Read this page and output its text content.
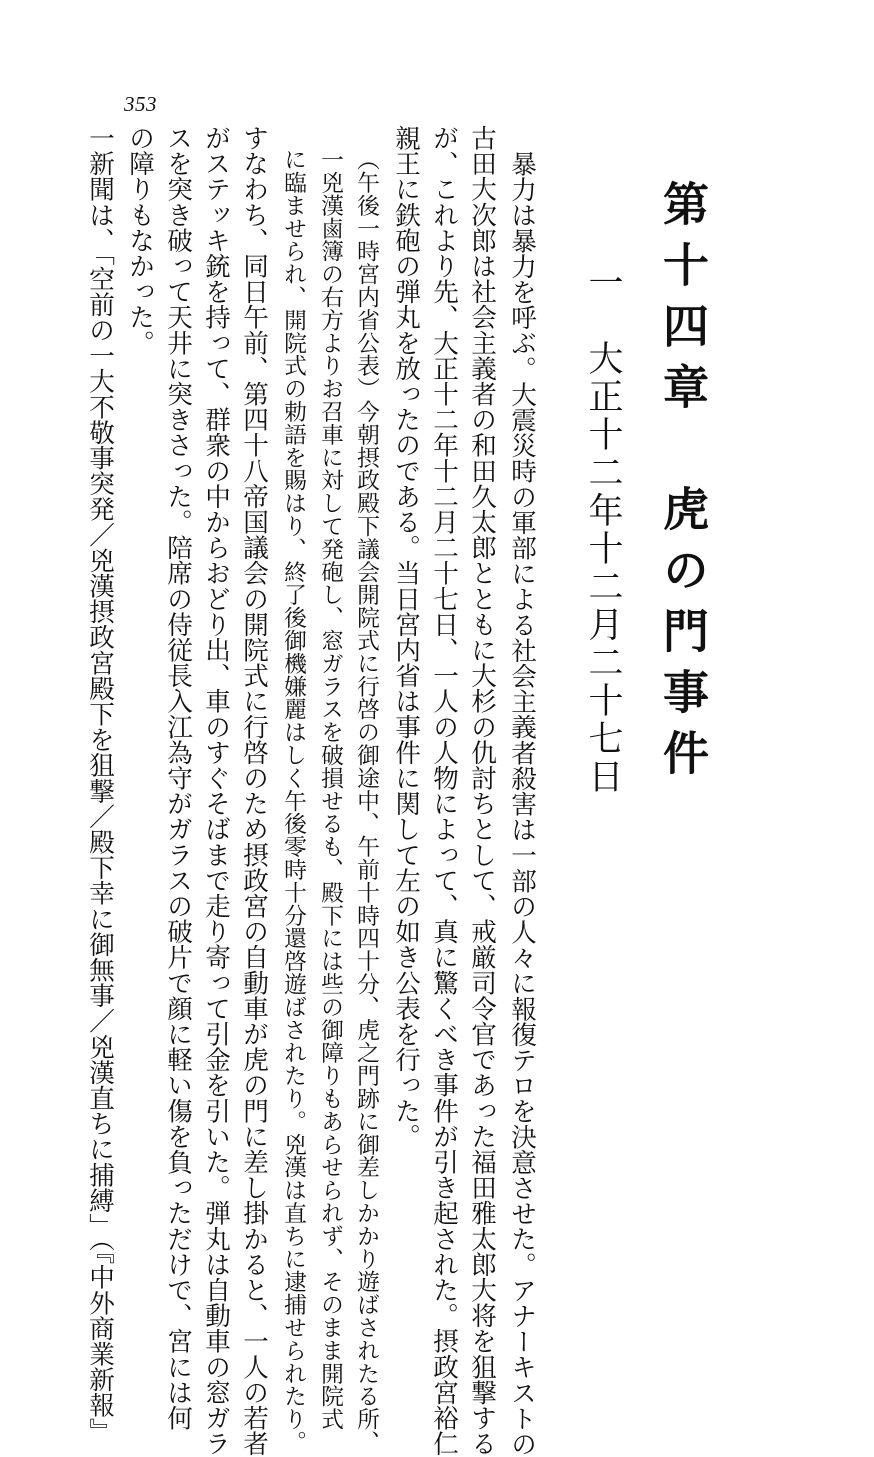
353
第十四章　虎の門事件
一　大正十二年十二月二十七日
暴力は暴力を呼ぶ。大震災時の軍部による社会主義者殺害は一部の人々に報復テロを決意させた。アナーキストの
古田大次郎は社会主義者の和田久太郎とともに大杉の仇討ちとして、戒厳司令官であった福田雅太郎大将を狙撃する
が、これより先、大正十二年十二月二十七日、一人の人物によって、真に驚くべき事件が引き起された。摂政宮裕仁
親王に鉄砲の弾丸を放ったのである。当日宮内省は事件に関して左の如き公表を行った。
（午後一時宮内省公表）今朝摂政殿下議会開院式に行啓の御途中、午前十時四十分、虎之門跡に御差しかかり遊ばされたる所、
一兇漢鹵簿の右方よりお召車に対して発砲し、窓ガラスを破損せるも、殿下には些の御障りもあらせられず、そのまま開院式
に臨ませられ、開院式の勅語を賜はり、終了後御機嫌麗はしく午後零時十分還啓遊ばされたり。兇漢は直ちに逮捕せられたり。
すなわち、同日午前、第四十八帝国議会の開院式に行啓のため摂政宮の自動車が虎の門に差し掛かると、一人の若者
がステッキ銃を持って、群衆の中からおどり出、車のすぐそばまで走り寄って引金を引いた。弾丸は自動車の窓ガラ
スを突き破って天井に突きさった。陪席の侍従長入江為守がガラスの破片で顔に軽い傷を負っただけで、宮には何
の障りもなかった。
一新聞は、「空前の一大不敬事突発／兇漢摂政宮殿下を狙撃／殿下幸に御無事／兇漢直ちに捕縛」（『中外商業新報』
